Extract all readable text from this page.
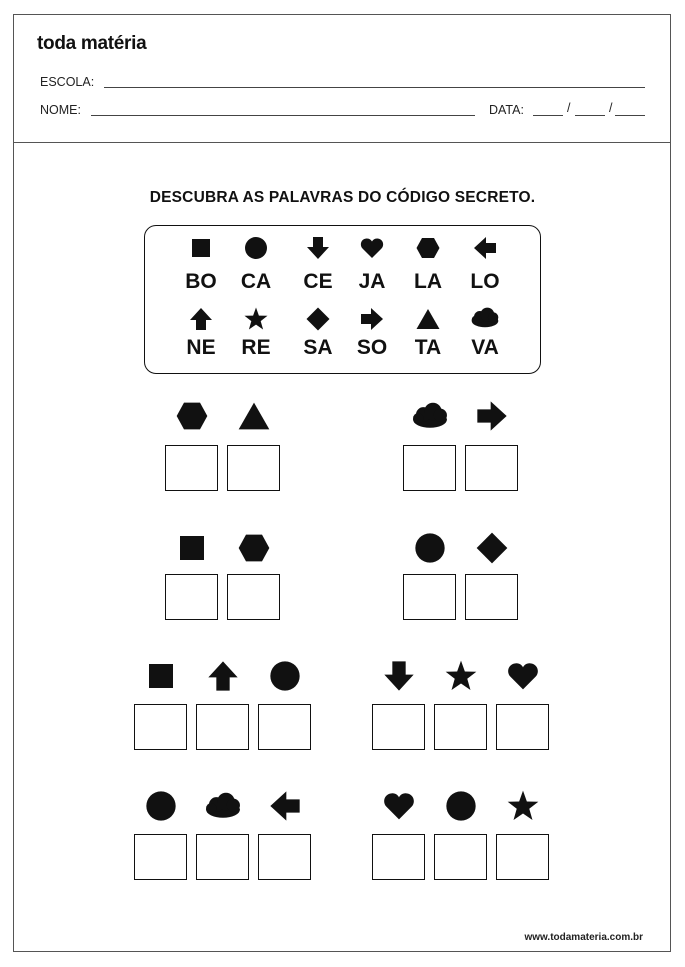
toda matéria
ESCOLA:
NOME:	DATA:	/	/
DESCUBRA AS PALAVRAS DO CÓDIGO SECRETO.
BO	CA	CE	JA	LA	LO
NE	RE	SA	SO	TA	VA
www.todamateria.com.br
